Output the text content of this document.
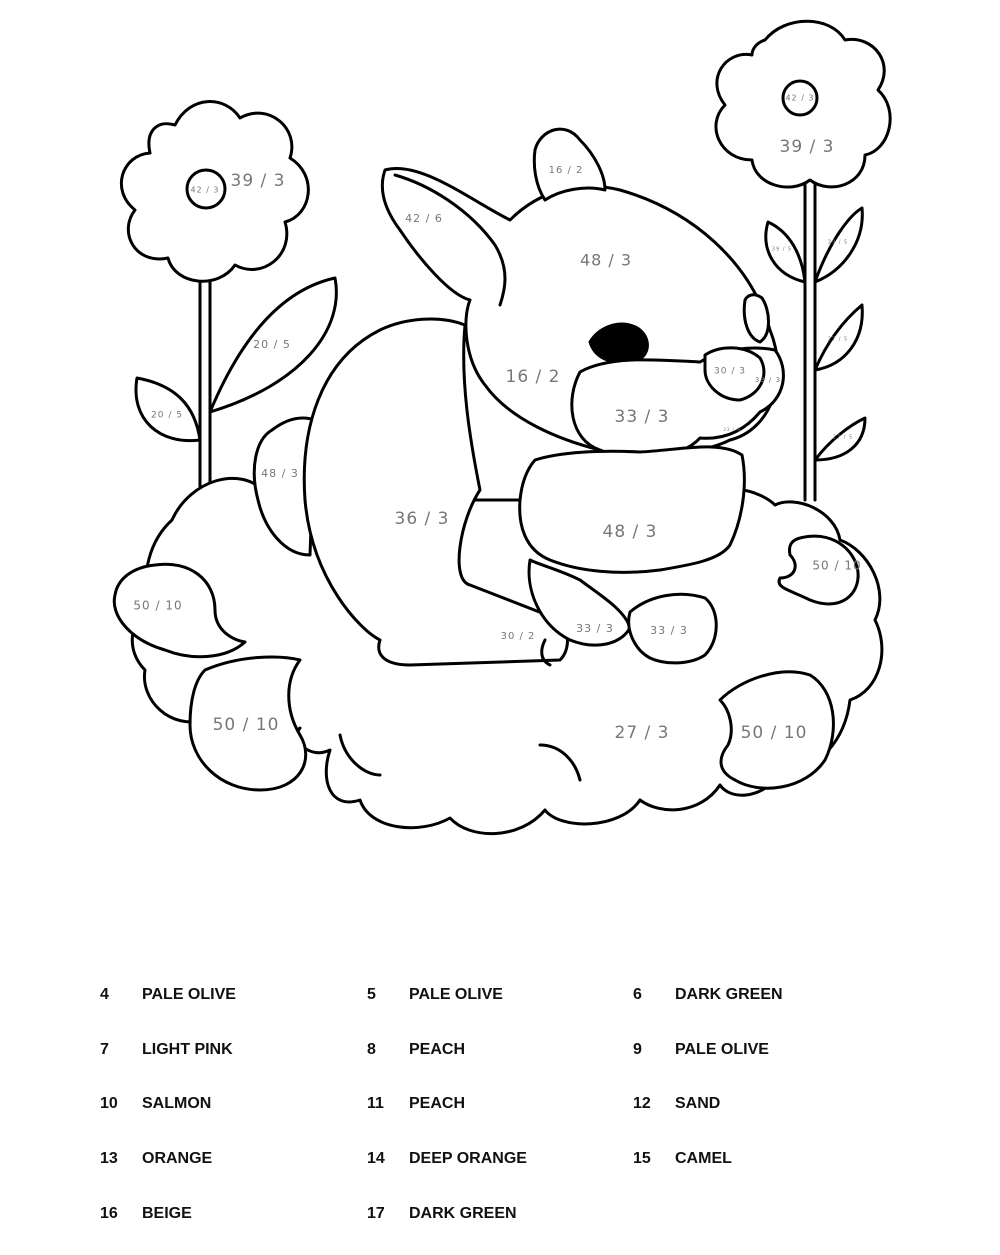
39 / 3
42 / 3
39 / 3
42 / 3
16 / 2
42 / 6
48 / 3
20 / 5
20 / 5
16 / 2	30 / 3
33 / 3
33 / 3
48 / 3
36 / 3
48 / 3
50 / 10
50 / 10
30 / 2
33 / 3	33 / 3
50 / 10	27 / 3	50 / 10
39 / 5
39 / 5
27 / 5
27 / 5
33 / 3
4	PALE OLIVE	5	PALE OLIVE	6	DARK GREEN
7	LIGHT PINK	8	PEACH	9	PALE OLIVE
10	SALMON	11	PEACH	12	SAND
13	ORANGE	14	DEEP ORANGE	15	CAMEL
16	BEIGE	17	DARK GREEN
